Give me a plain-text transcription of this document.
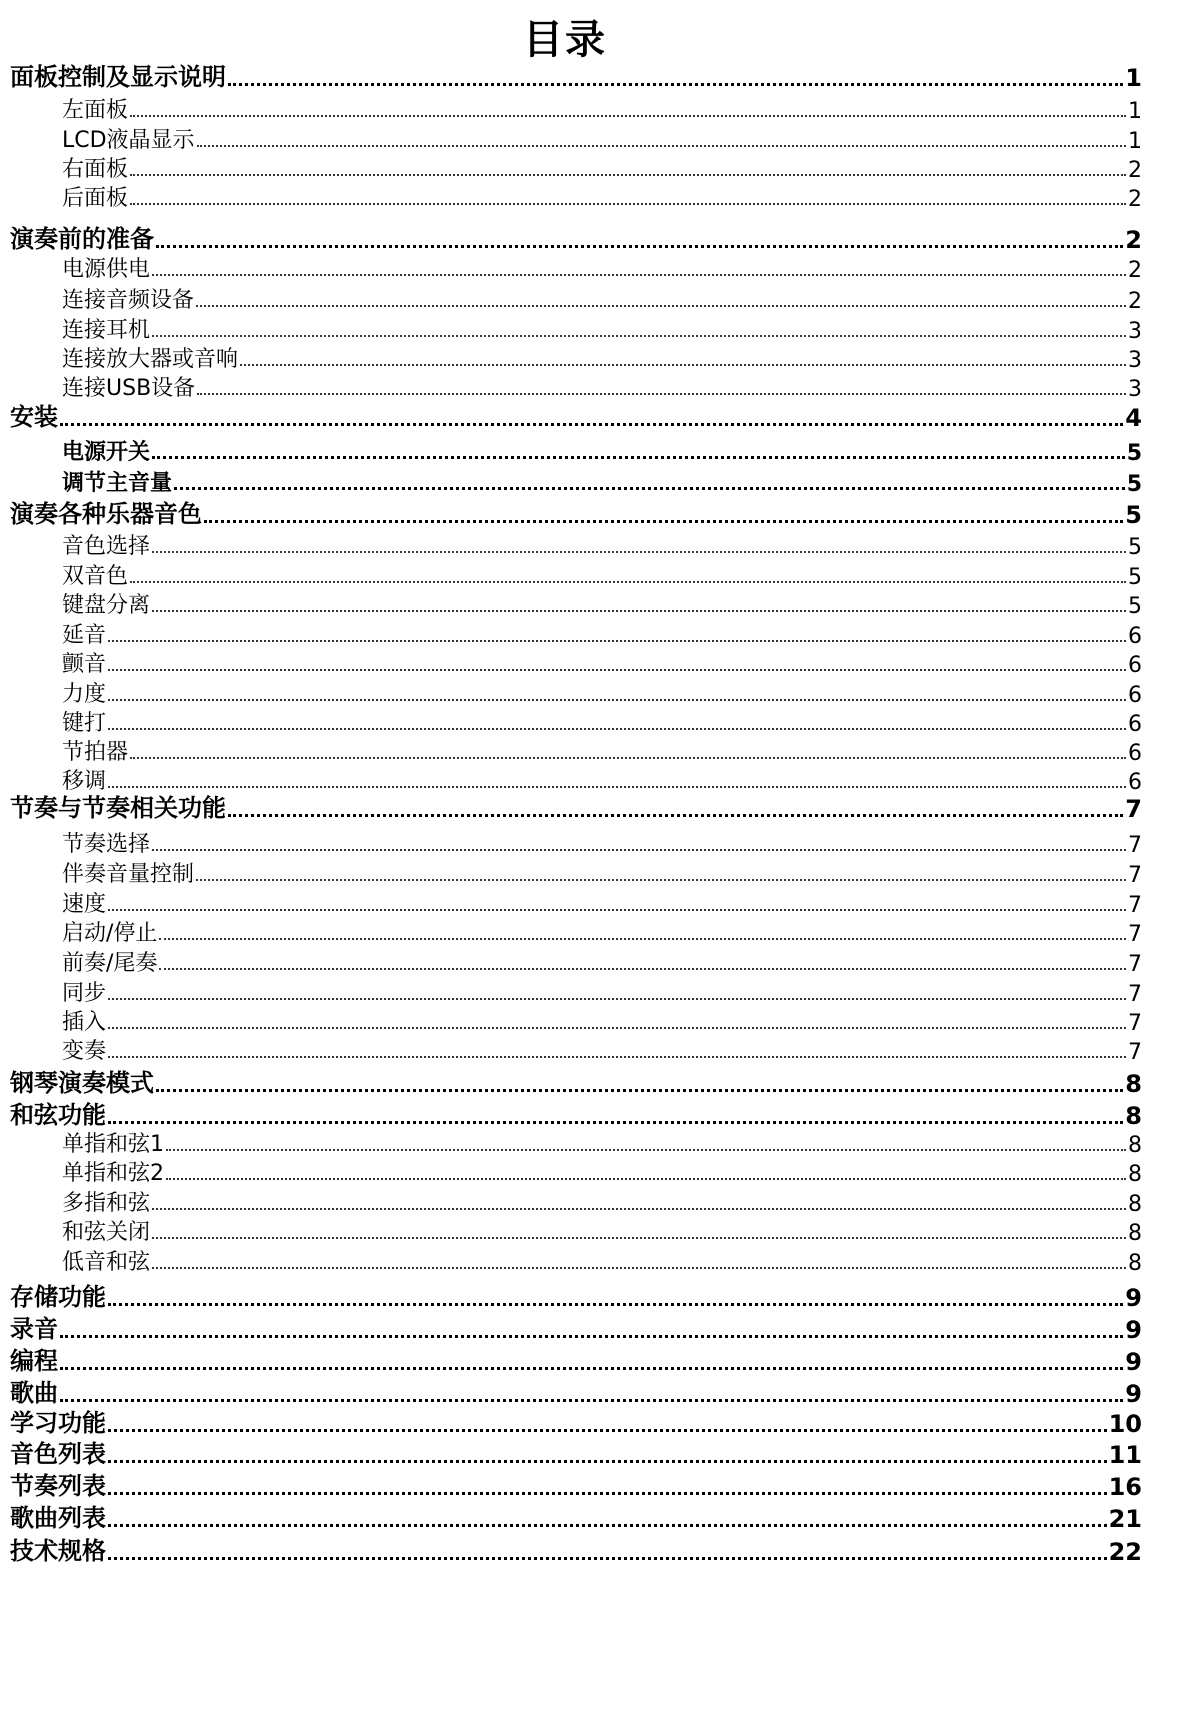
目录
面板控制及显示说明	1
左面板	1
LCD液晶显示	1
右面板	2
后面板	2
演奏前的准备	2
电源供电	2
连接音频设备	2
连接耳机	3
连接放大器或音响	3
连接USB设备	3
安装	4
电源开关	5
调节主音量	5
演奏各种乐器音色	5
音色选择	5
双音色	5
键盘分离	5
延音	6
颤音	6
力度	6
键打	6
节拍器	6
移调	6
节奏与节奏相关功能	7
节奏选择	7
伴奏音量控制	7
速度	7
启动/停止	7
前奏/尾奏	7
同步	7
插入	7
变奏	7
钢琴演奏模式	8
和弦功能	8
单指和弦1	8
单指和弦2	8
多指和弦	8
和弦关闭	8
低音和弦	8
存储功能	9
录音	9
编程	9
歌曲	9
学习功能	10
音色列表	11
节奏列表	16
歌曲列表	21
技术规格	22
